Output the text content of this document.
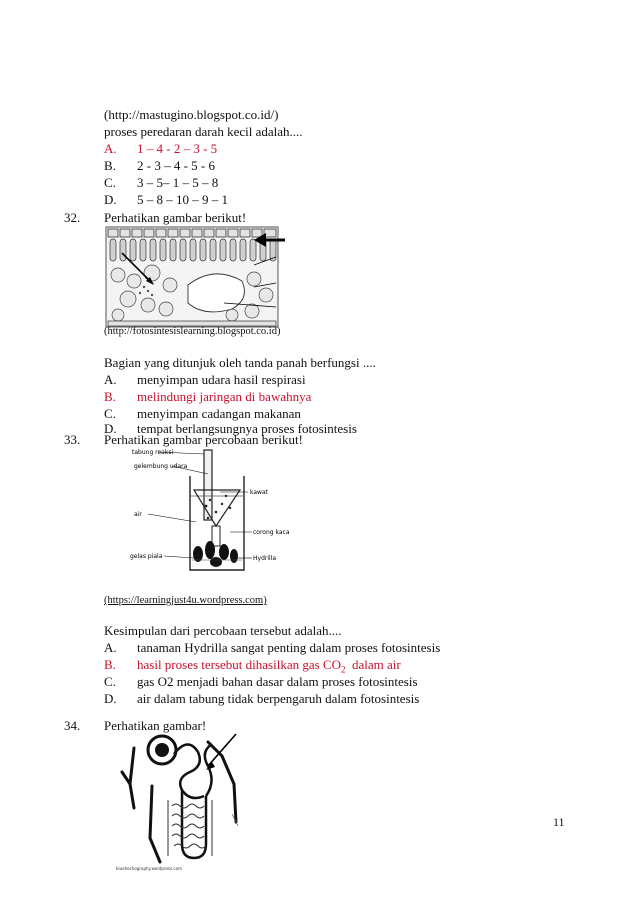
(http://mastugino.blogspot.co.id/)
proses peredaran darah kecil adalah....
A. 1 – 4 - 2 – 3 - 5
B. 2 - 3 – 4 - 5 - 6
C. 3 – 5– 1 – 5 – 8
D. 5 – 8 – 10 – 9 – 1
32. Perhatikan gambar berikut!
(http://fotosintesislearning.blogspot.co.id)
Bagian yang ditunjuk oleh tanda panah berfungsi ....
A. menyimpan udara hasil respirasi
B. melindungi jaringan di bawahnya
C. menyimpan cadangan makanan
D. tempat berlangsungnya proses fotosintesis
33. Perhatikan gambar percobaan berikut!
tabung reaksi
gelembung udara
air
gelas piala
kawat
corong kaca
Hydrilla
(https://learningjust4u.wordpress.com)
Kesimpulan dari percobaan tersebut adalah....
A. tanaman Hydrilla sangat penting dalam proses fotosintesis
B. hasil proses tersebut dihasilkan gas $CO_2$  dalam air
C. gas O2 menjadi bahan dasar dalam proses fotosintesis
D. air dalam tabung tidak berpengaruh dalam fotosintesis
34. Perhatikan gambar!
biuehechography.wordpress.com
11
